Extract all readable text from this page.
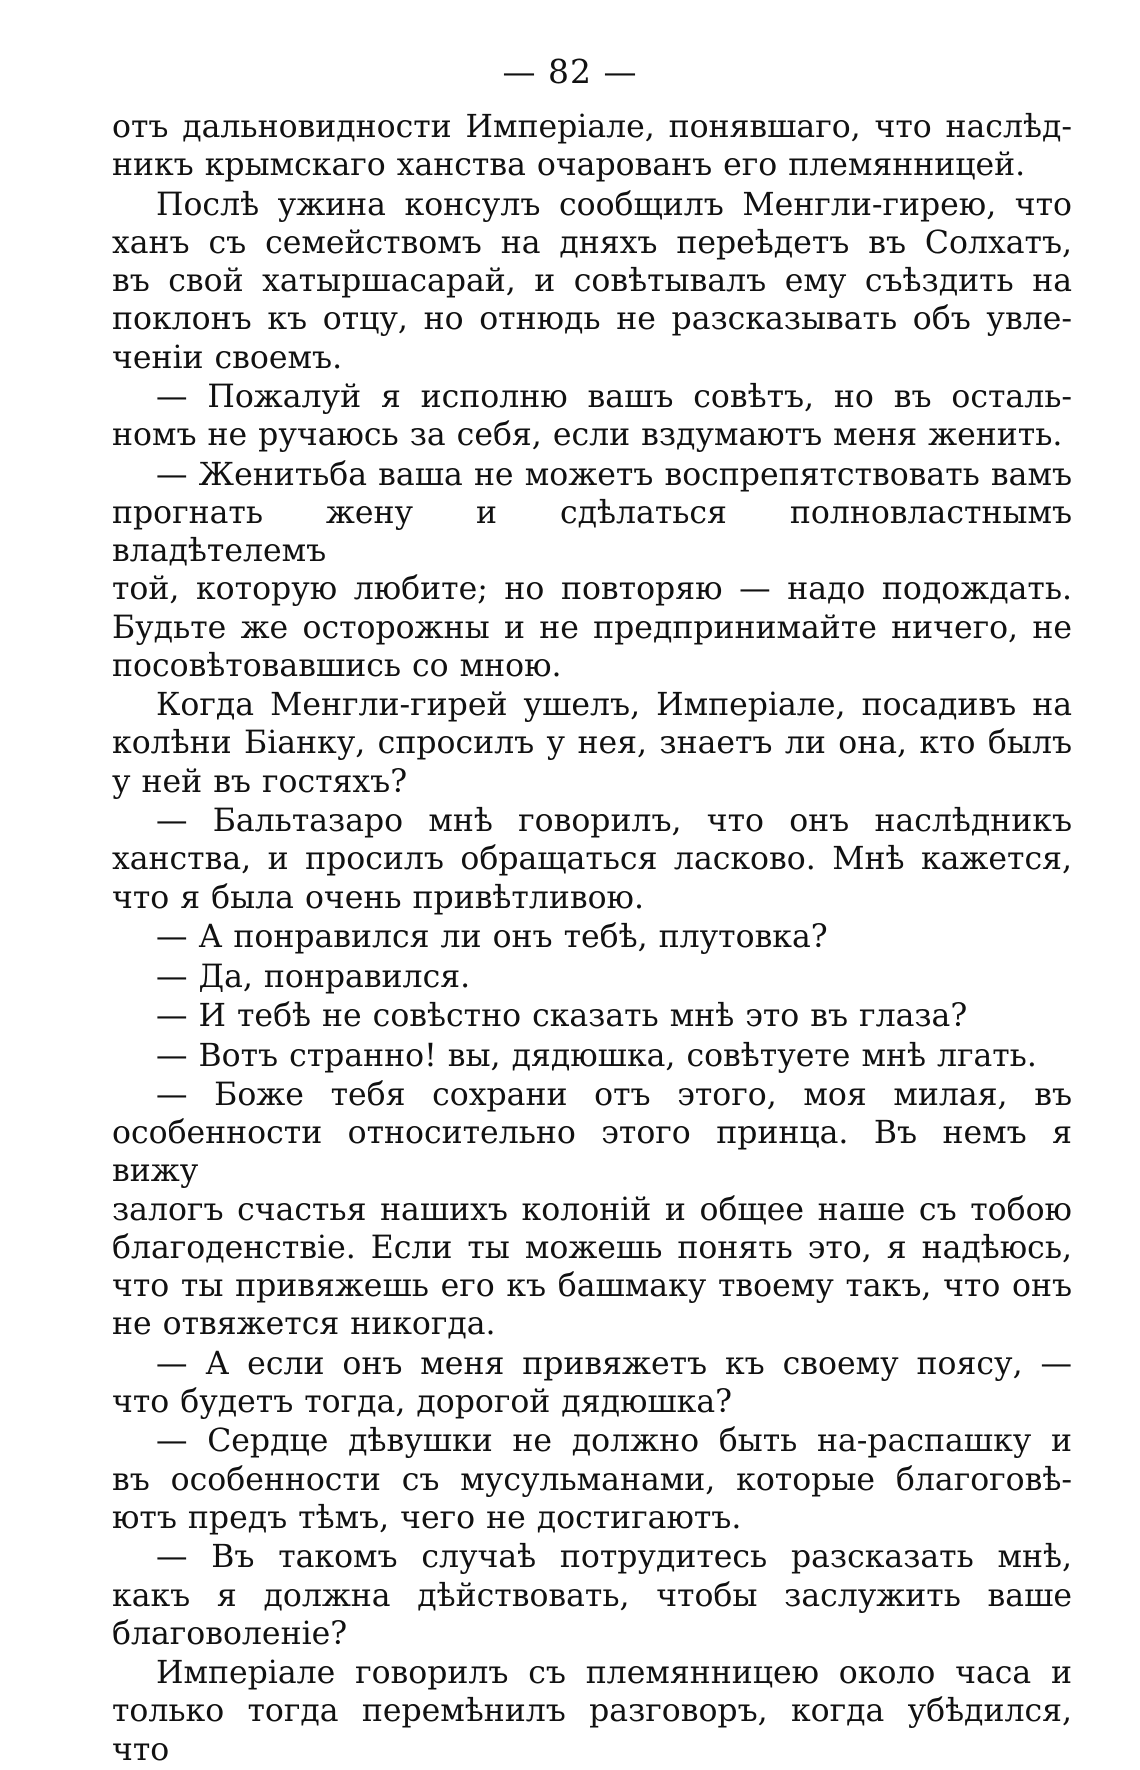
— 82 —
отъ дальновидности Имперіале, понявшаго, что наслѣд-
никъ крымскаго ханства очарованъ его племянницей.
Послѣ ужина консулъ сообщилъ Менгли-гирею, что
ханъ съ семействомъ на дняхъ переѣдетъ въ Солхатъ,
въ свой хатыршасарай, и совѣтывалъ ему съѣздить на
поклонъ къ отцу, но отнюдь не разсказывать объ увле-
ченіи своемъ.
— Пожалуй я исполню вашъ совѣтъ, но въ осталь-
номъ не ручаюсь за себя, если вздумаютъ меня женить.
— Женитьба ваша не можетъ воспрепятствовать вамъ
прогнать жену и сдѣлаться полновластнымъ владѣтелемъ
той, которую любите; но повторяю — надо подождать.
Будьте же осторожны и не предпринимайте ничего, не
посовѣтовавшись со мною.
Когда Менгли-гирей ушелъ, Имперіале, посадивъ на
колѣни Біанку, спросилъ у нея, знаетъ ли она, кто былъ
у ней въ гостяхъ?
— Бальтазаро мнѣ говорилъ, что онъ наслѣдникъ
ханства, и просилъ обращаться ласково. Мнѣ кажется,
что я была очень привѣтливою.
— А понравился ли онъ тебѣ, плутовка?
— Да, понравился.
— И тебѣ не совѣстно сказать мнѣ это въ глаза?
— Вотъ странно! вы, дядюшка, совѣтуете мнѣ лгать.
— Боже тебя сохрани отъ этого, моя милая, въ
особенности относительно этого принца. Въ немъ я вижу
залогъ счастья нашихъ колоній и общее наше съ тобою
благоденствіе. Если ты можешь понять это, я надѣюсь,
что ты привяжешь его къ башмаку твоему такъ, что онъ
не отвяжется никогда.
— А если онъ меня привяжетъ къ своему поясу, —
что будетъ тогда, дорогой дядюшка?
— Сердце дѣвушки не должно быть на-распашку и
въ особенности съ мусульманами, которые благоговѣ-
ютъ предъ тѣмъ, чего не достигаютъ.
— Въ такомъ случаѣ потрудитесь разсказать мнѣ,
какъ я должна дѣйствовать, чтобы заслужить ваше
благоволеніе?
Имперіале говорилъ съ племянницею около часа и
только тогда перемѣнилъ разговоръ, когда убѣдился, что
